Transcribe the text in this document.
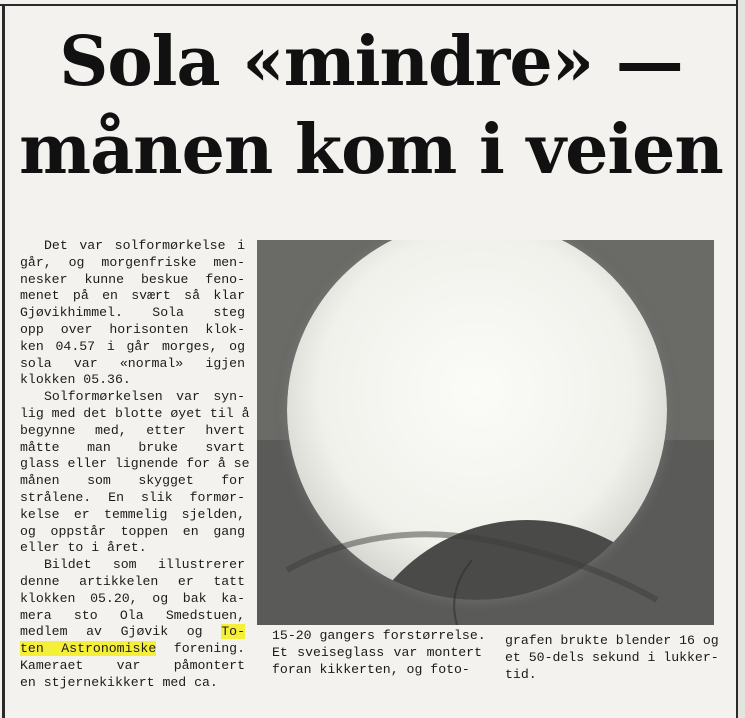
Sola «mindre» —
månen kom i veien
Det var solformørkelse i
går, og morgenfriske men-
nesker kunne beskue feno-
menet på en svært så klar
Gjøvikhimmel. Sola steg
opp over horisonten klok-
ken 04.57 i går morges, og
sola var «normal» igjen
klokken 05.36.
Solformørkelsen var syn-
lig med det blotte øyet til å
begynne med, etter hvert
måtte man bruke svart
glass eller lignende for å se
månen som skygget for
strålene. En slik formør-
kelse er temmelig sjelden,
og oppstår toppen en gang
eller to i året.
Bildet som illustrerer
denne artikkelen er tatt
klokken 05.20, og bak ka-
mera sto Ola Smedstuen,
medlem av Gjøvik og To-
ten Astronomiske forening.
Kameraet var påmontert
en stjernekikkert med ca.
15-20 gangers forstørrelse.
Et sveiseglass var montert
foran kikkerten, og foto-
grafen brukte blender 16 og
et 50-dels sekund i lukker-
tid.
